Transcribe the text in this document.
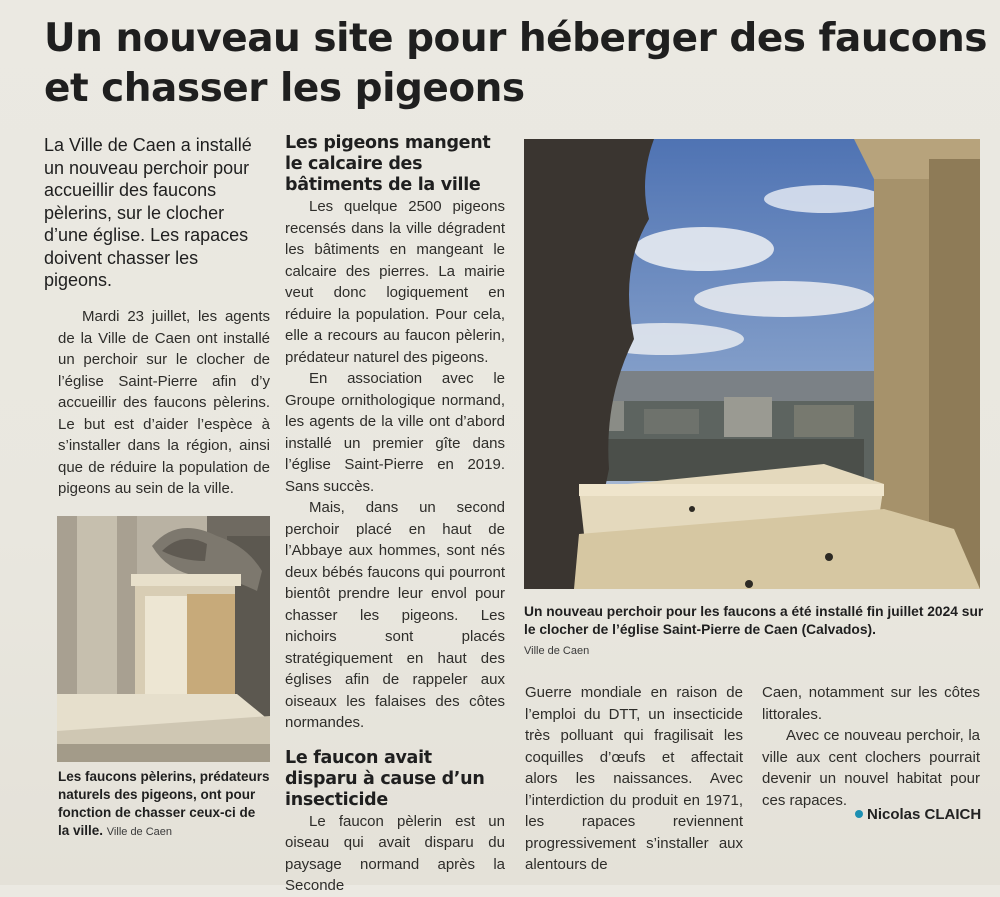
Un nouveau site pour héberger des faucons
et chasser les pigeons

La Ville de Caen a installé un nouveau perchoir pour accueillir des faucons pèlerins, sur le clocher d’une église. Les rapaces doivent chasser les pigeons.

Mardi 23 juillet, les agents de la Ville de Caen ont installé un perchoir sur le clocher de l’église Saint-Pierre afin d’y accueillir des faucons pèlerins. Le but est d’aider l’espèce à s’installer dans la région, ainsi que de réduire la population de pigeons au sein de la ville.

Les faucons pèlerins, prédateurs naturels des pigeons, ont pour fonction de chasser ceux-ci de la ville. Ville de Caen
Les pigeons mangent le calcaire des bâtiments de la ville

Les quelque 2500 pigeons recensés dans la ville dégradent les bâtiments en mangeant le calcaire des pierres. La mairie veut donc logiquement en réduire la population. Pour cela, elle a recours au faucon pèlerin, prédateur naturel des pigeons.

En association avec le Groupe ornithologique normand, les agents de la ville ont d’abord installé un premier gîte dans l’église Saint-Pierre en 2019. Sans succès.

Mais, dans un second perchoir placé en haut de l’Abbaye aux hommes, sont nés deux bébés faucons qui pourront bientôt prendre leur envol pour chasser les pigeons. Les nichoirs sont placés stratégiquement en haut des églises afin de rappeler aux oiseaux les falaises des côtes normandes.

Le faucon avait disparu à cause d’un insecticide

Le faucon pèlerin est un oiseau qui avait disparu du paysage normand après la Seconde

Un nouveau perchoir pour les faucons a été installé fin juillet 2024 sur le clocher de l’église Saint-Pierre de Caen (Calvados).
Ville de Caen

Guerre mondiale en raison de l’emploi du DTT, un insecticide très polluant qui fragilisait les coquilles d’œufs et affectait alors les naissances. Avec l’interdiction du produit en 1971, les rapaces reviennent progressivement s’installer aux alentours de

Caen, notamment sur les côtes littorales.

Avec ce nouveau perchoir, la ville aux cent clochers pourrait devenir un nouvel habitat pour ces rapaces.

Nicolas CLAICH
